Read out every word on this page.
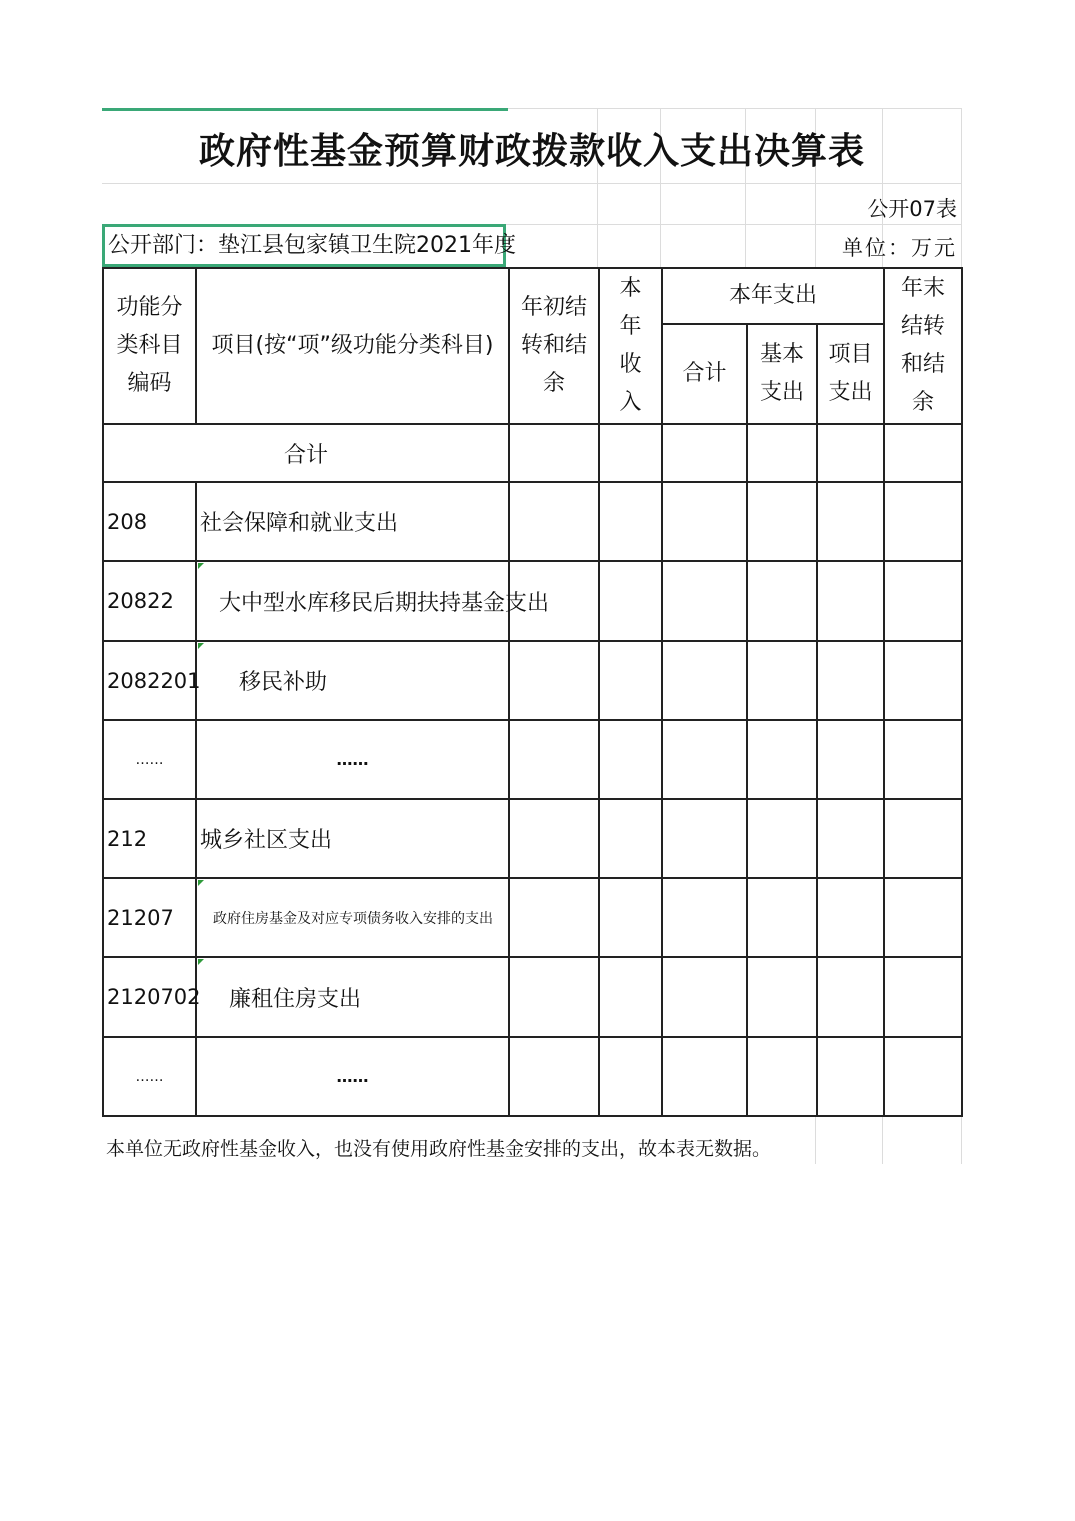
政府性基金预算财政拨款收入支出决算表
公开07表
公开部门：垫江县包家镇卫生院2021年度	单位：万元
功能分类科目编码	项目(按“项”级功能分类科目)	年初结转和结余	本年收入	本年支出			年末结转和结余

				合计	基本支出	项目支出	

合计							
208	社会保障和就业支出						
20822	大中型水库移民后期扶持基金支出						
2082201	移民补助						
……	……						
212	城乡社区支出						
21207	政府住房基金及对应专项债务收入安排的支出						
2120702	廉租住房支出						
……	……						
本单位无政府性基金收入，也没有使用政府性基金安排的支出，故本表无数据。
